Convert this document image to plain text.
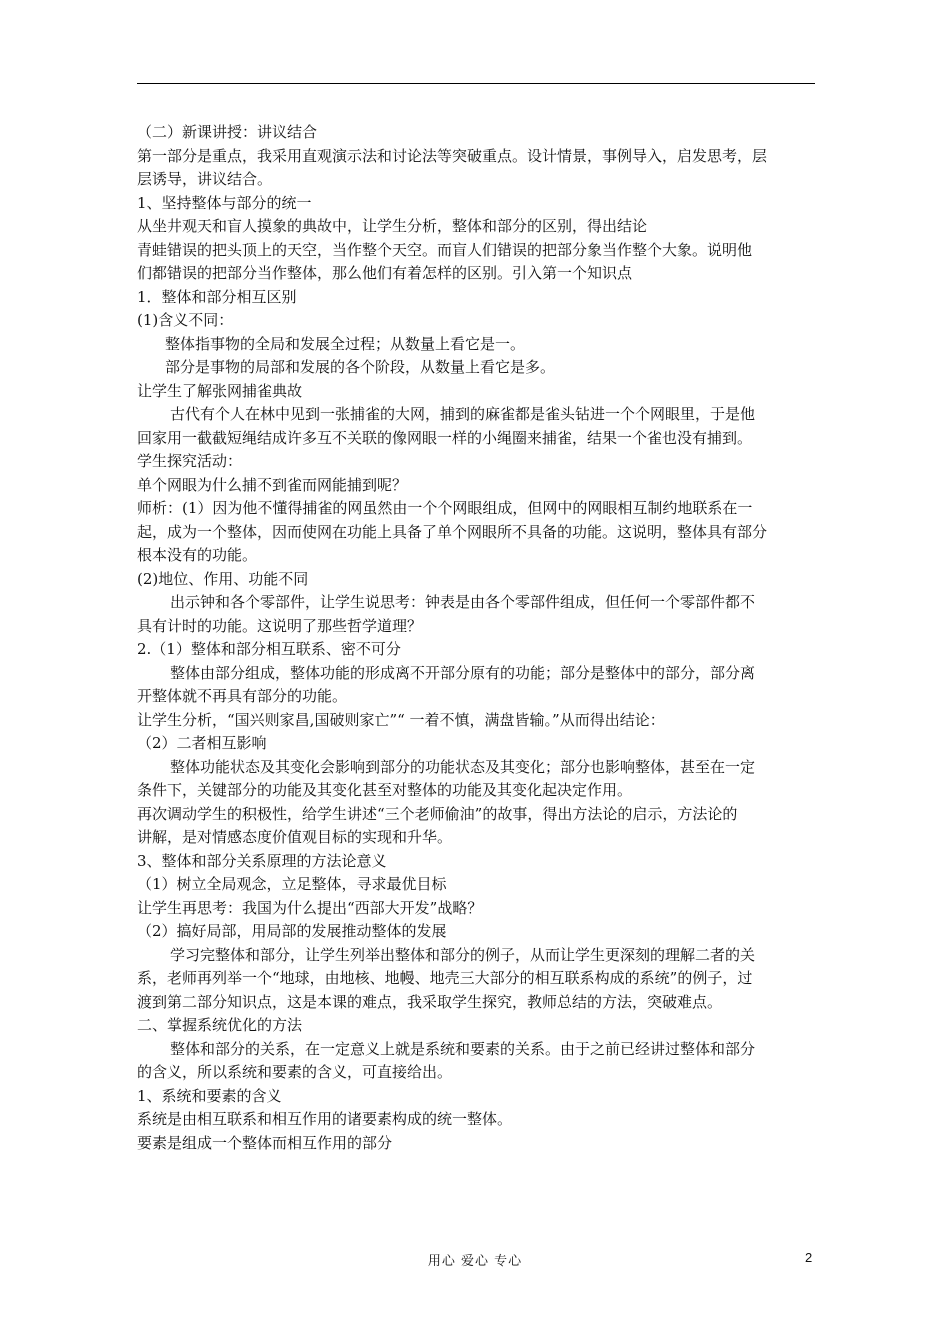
（二）新课讲授：讲议结合
第一部分是重点，我采用直观演示法和讨论法等突破重点。设计情景，事例导入，启发思考，层
层诱导，讲议结合。
1、坚持整体与部分的统一
从坐井观天和盲人摸象的典故中，让学生分析，整体和部分的区别，得出结论
青蛙错误的把头顶上的天空，当作整个天空。而盲人们错误的把部分象当作整个大象。说明他
们都错误的把部分当作整体，那么他们有着怎样的区别。引入第一个知识点
1．整体和部分相互区别
(1)含义不同：
整体指事物的全局和发展全过程；从数量上看它是一。
部分是事物的局部和发展的各个阶段，从数量上看它是多。
让学生了解张网捕雀典故
古代有个人在林中见到一张捕雀的大网，捕到的麻雀都是雀头钻进一个个网眼里，于是他
回家用一截截短绳结成许多互不关联的像网眼一样的小绳圈来捕雀，结果一个雀也没有捕到。
学生探究活动：
单个网眼为什么捕不到雀而网能捕到呢？
师析：(1）因为他不懂得捕雀的网虽然由一个个网眼组成，但网中的网眼相互制约地联系在一
起，成为一个整体，因而使网在功能上具备了单个网眼所不具备的功能。这说明，整体具有部分
根本没有的功能。
(2)地位、作用、功能不同
出示钟和各个零部件，让学生说思考：钟表是由各个零部件组成，但任何一个零部件都不
具有计时的功能。这说明了那些哲学道理？
2.（1）整体和部分相互联系、密不可分
整体由部分组成，整体功能的形成离不开部分原有的功能；部分是整体中的部分，部分离
开整体就不再具有部分的功能。
让学生分析，“国兴则家昌,国破则家亡”“ 一着不慎，满盘皆输。”从而得出结论：
（2）二者相互影响
整体功能状态及其变化会影响到部分的功能状态及其变化；部分也影响整体，甚至在一定
条件下，关键部分的功能及其变化甚至对整体的功能及其变化起决定作用。
再次调动学生的积极性，给学生讲述“三个老师偷油”的故事，得出方法论的启示，方法论的
讲解，是对情感态度价值观目标的实现和升华。
3、整体和部分关系原理的方法论意义
（1）树立全局观念，立足整体，寻求最优目标
让学生再思考：我国为什么提出“西部大开发”战略？
（2）搞好局部，用局部的发展推动整体的发展
学习完整体和部分，让学生列举出整体和部分的例子，从而让学生更深刻的理解二者的关
系，老师再列举一个“地球，由地核、地幔、地壳三大部分的相互联系构成的系统”的例子，过
渡到第二部分知识点，这是本课的难点，我采取学生探究，教师总结的方法，突破难点。
二、掌握系统优化的方法
整体和部分的关系，在一定意义上就是系统和要素的关系。由于之前已经讲过整体和部分
的含义，所以系统和要素的含义，可直接给出。
1、系统和要素的含义
系统是由相互联系和相互作用的诸要素构成的统一整体。
要素是组成一个整体而相互作用的部分
用心 爱心 专心	2
